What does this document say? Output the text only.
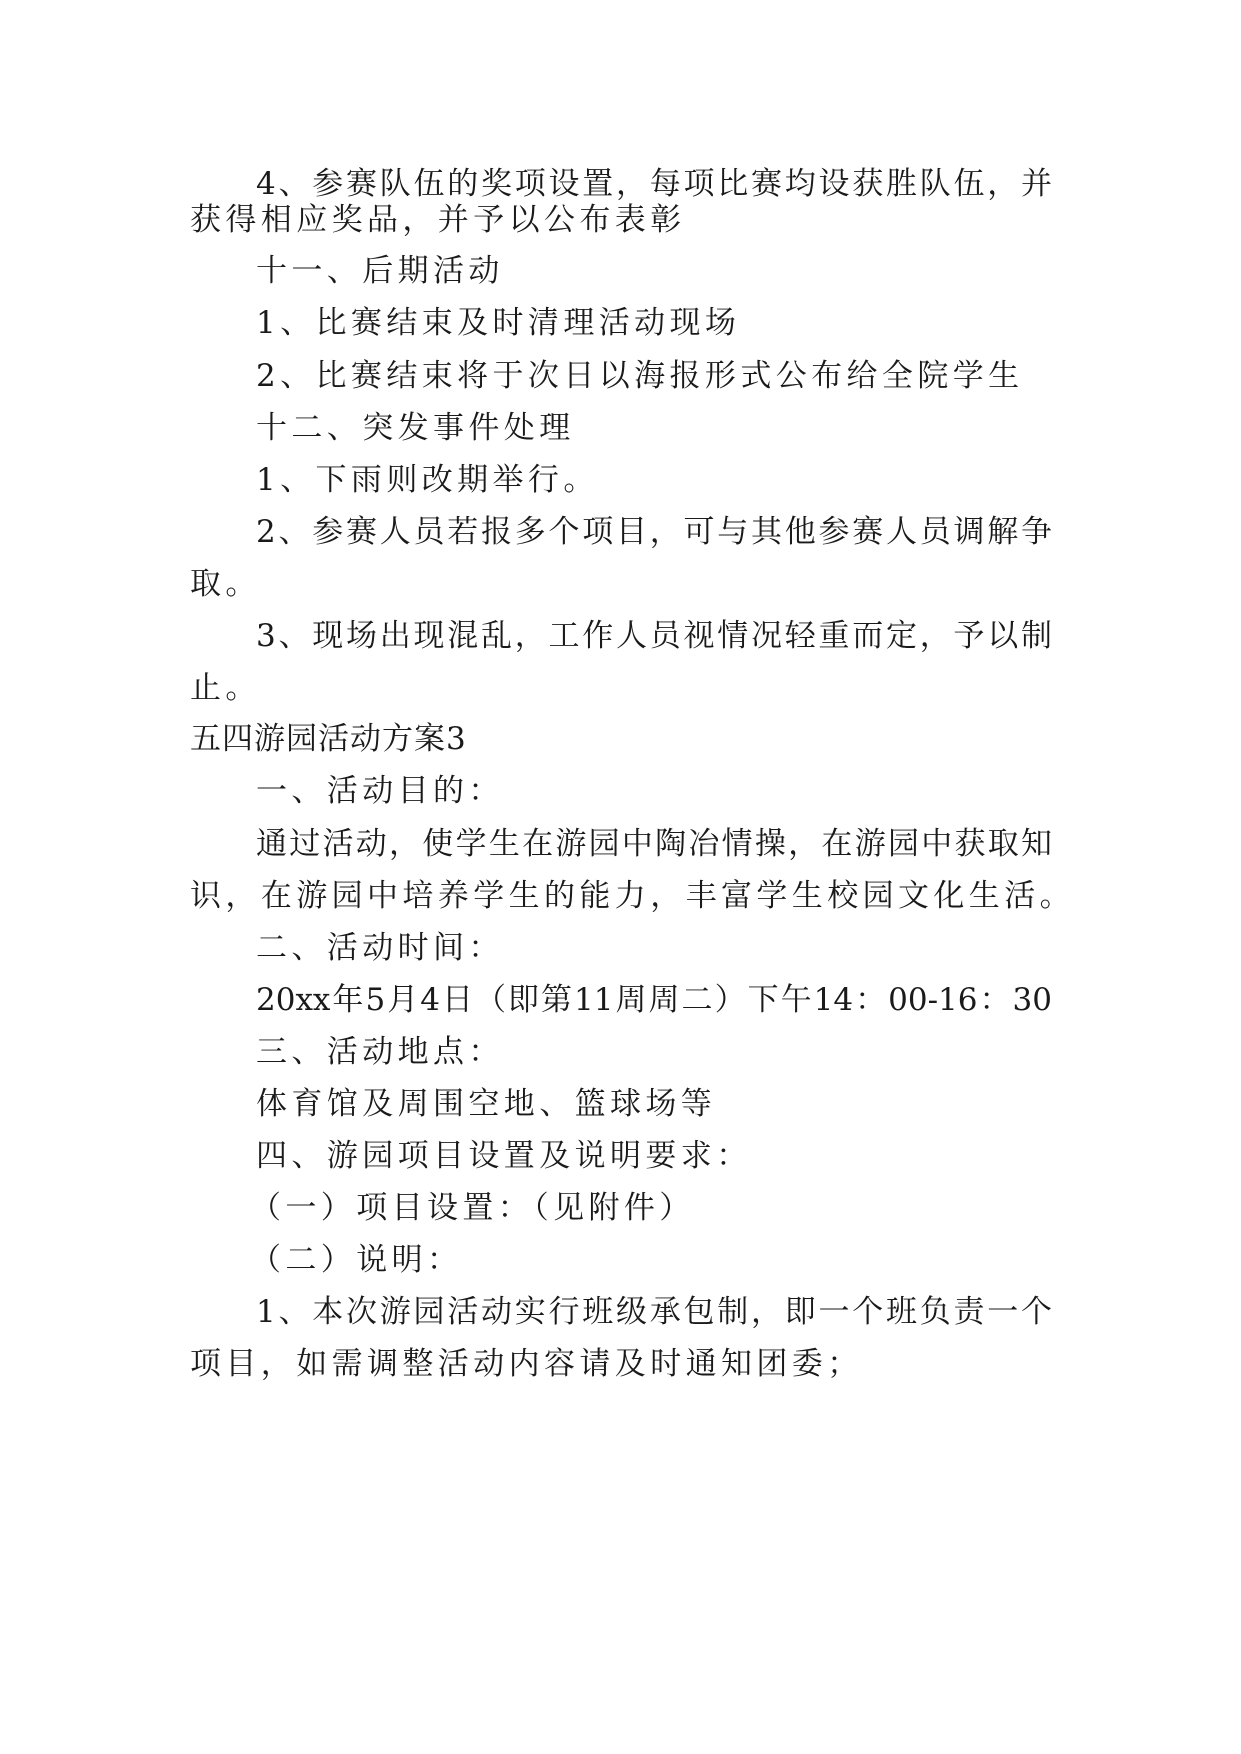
4、参赛队伍的奖项设置，每项比赛均设获胜队伍，并
获得相应奖品，并予以公布表彰
十一、后期活动
1、比赛结束及时清理活动现场
2、比赛结束将于次日以海报形式公布给全院学生
十二、突发事件处理
1、下雨则改期举行。
2、参赛人员若报多个项目，可与其他参赛人员调解争
取。
3、现场出现混乱，工作人员视情况轻重而定，予以制
止。
五四游园活动方案3
一、活动目的：
通过活动，使学生在游园中陶冶情操，在游园中获取知
识，在游园中培养学生的能力，丰富学生校园文化生活。
二、活动时间：
20xx年5月4日（即第11周周二）下午14：00-16：30
三、活动地点：
体育馆及周围空地、篮球场等
四、游园项目设置及说明要求：
（一）项目设置：（见附件）
（二）说明：
1、本次游园活动实行班级承包制，即一个班负责一个
项目，如需调整活动内容请及时通知团委；
